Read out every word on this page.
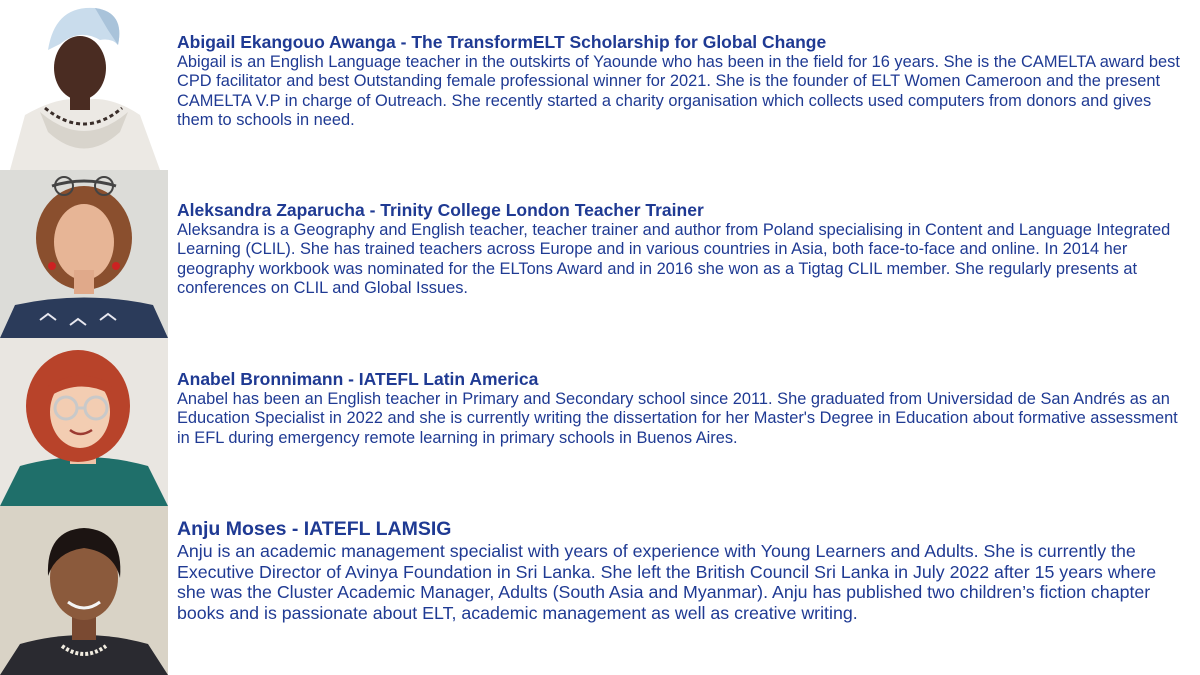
Abigail Ekangouo Awanga - The TransformELT Scholarship for Global Change
Abigail is an English Language teacher in the outskirts of Yaounde who has been in the field for 16 years. She is the CAMELTA award best CPD facilitator and best Outstanding female professional winner for 2021. She is the founder of ELT Women Cameroon and the present CAMELTA V.P in charge of Outreach. She recently started a charity organisation which collects used computers from donors and gives them to schools in need.
Aleksandra Zaparucha - Trinity College London Teacher Trainer
Aleksandra is a Geography and English teacher, teacher trainer and author from Poland specialising in Content and Language Integrated Learning (CLIL). She has trained teachers across Europe and in various countries in Asia, both face-to-face and online. In 2014 her geography workbook was nominated for the ELTons Award and in 2016 she won as a Tigtag CLIL member. She regularly presents at conferences on CLIL and Global Issues.
Anabel Bronnimann - IATEFL Latin America
Anabel has been an English teacher in Primary and Secondary school since 2011. She graduated from Universidad de San Andrés as an Education Specialist in 2022 and she is currently writing the dissertation for her Master's Degree in Education about formative assessment in EFL during emergency remote learning in primary schools in Buenos Aires.
Anju Moses - IATEFL LAMSIG
Anju is an academic management specialist with years of experience with Young Learners and Adults. She is currently the Executive Director of Avinya Foundation in Sri Lanka. She left the British Council Sri Lanka in July 2022 after 15 years where she was the Cluster Academic Manager, Adults (South Asia and Myanmar). Anju has published two children’s fiction chapter books and is passionate about ELT, academic management as well as creative writing.
